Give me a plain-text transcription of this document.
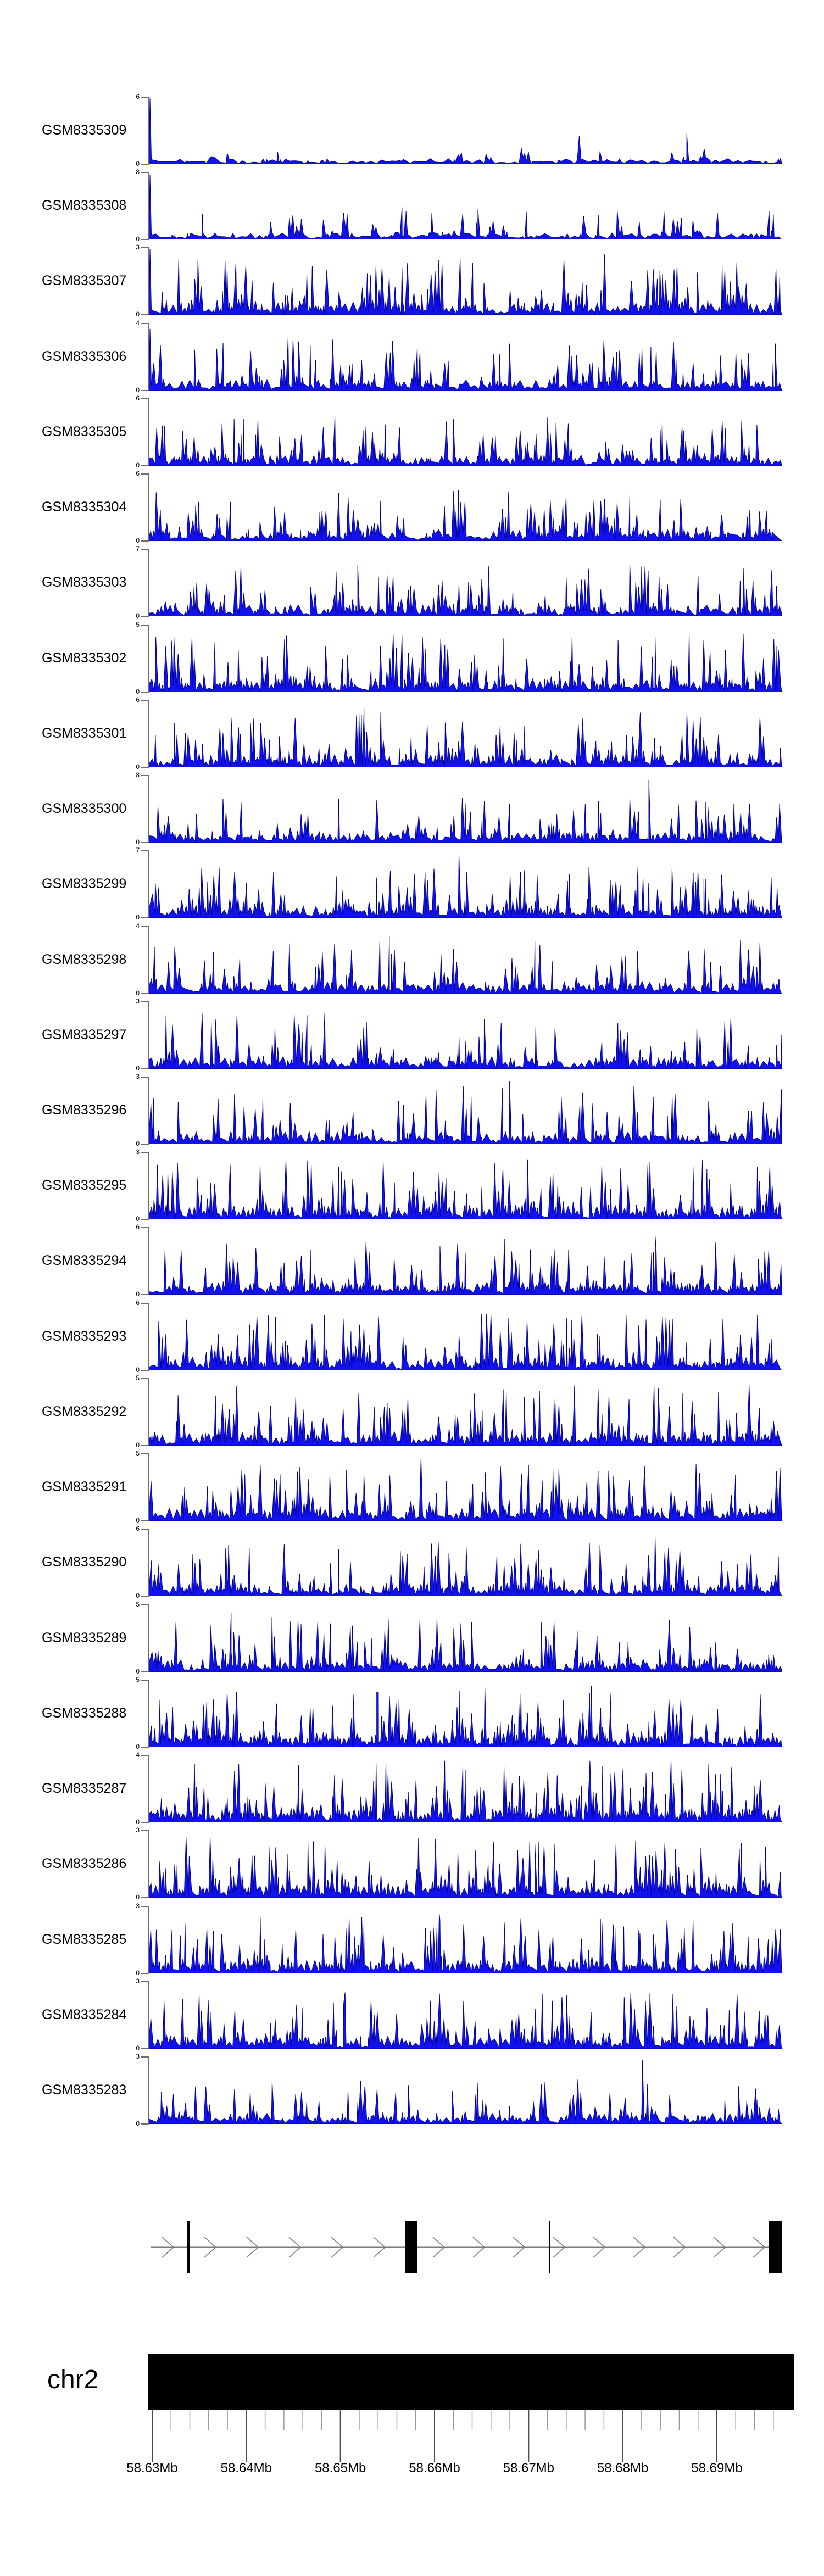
GSM8335309
6
0
GSM8335308
8
0
GSM8335307
3
0
GSM8335306
4
0
GSM8335305
6
0
GSM8335304
6
0
GSM8335303
7
0
GSM8335302
5
0
GSM8335301
6
0
GSM8335300
8
0
GSM8335299
7
0
GSM8335298
4
0
GSM8335297
3
0
GSM8335296
3
0
GSM8335295
3
0
GSM8335294
6
0
GSM8335293
6
0
GSM8335292
5
0
GSM8335291
5
0
GSM8335290
6
0
GSM8335289
5
0
GSM8335288
5
0
GSM8335287
4
0
GSM8335286
3
0
GSM8335285
3
0
GSM8335284
3
0
GSM8335283
3
0
chr2
58.63Mb	58.64Mb	58.65Mb	58.66Mb	58.67Mb	58.68Mb	58.69Mb
